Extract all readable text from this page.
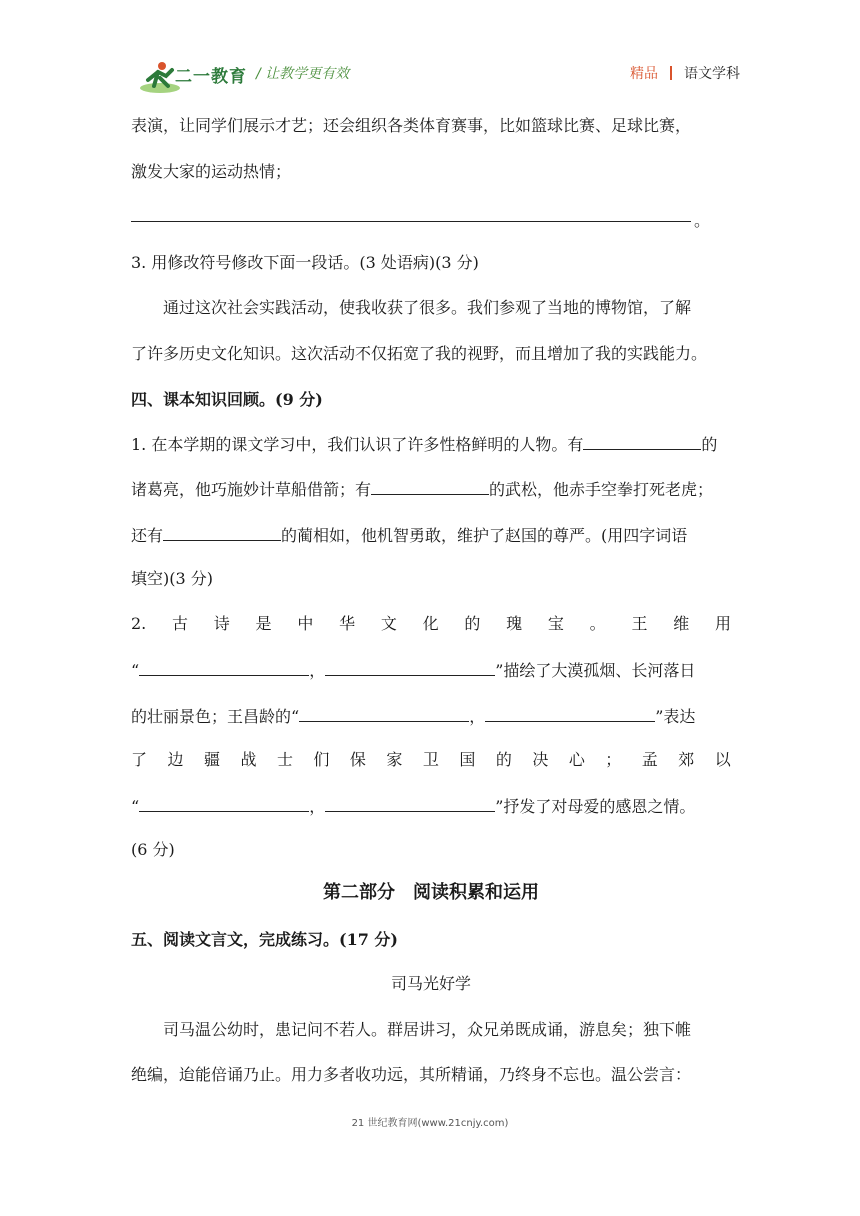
二一教育 / 让教学更有效	精品 语文学科
表演，让同学们展示才艺；还会组织各类体育赛事，比如篮球比赛、足球比赛，
激发大家的运动热情；
。
3. 用修改符号修改下面一段话。(3 处语病)(3 分)
通过这次社会实践活动，使我收获了很多。我们参观了当地的博物馆，了解
了许多历史文化知识。这次活动不仅拓宽了我的视野，而且增加了我的实践能力。
四、课本知识回顾。(9 分)
1. 在本学期的课文学习中，我们认识了许多性格鲜明的人物。有	的
诸葛亮，他巧施妙计草船借箭；有	的武松，他赤手空拳打死老虎；
还有	的蔺相如，他机智勇敢，维护了赵国的尊严。(用四字词语
填空)(3 分)
2. 古 诗 是 中 华 文 化 的 瑰 宝 。 王 维 用
“	，	”描绘了大漠孤烟、长河落日
的壮丽景色；王昌龄的“	，	”表达
了 边 疆 战 士 们 保 家 卫 国 的 决 心 ； 孟 郊 以
“	，	”抒发了对母爱的感恩之情。
(6 分)
第二部分　阅读积累和运用
五、阅读文言文，完成练习。(17 分)
司马光好学
司马温公幼时，患记问不若人。群居讲习，众兄弟既成诵，游息矣；独下帷
绝编，迨能倍诵乃止。用力多者收功远，其所精诵，乃终身不忘也。温公尝言：
21 世纪教育网(www.21cnjy.com)
